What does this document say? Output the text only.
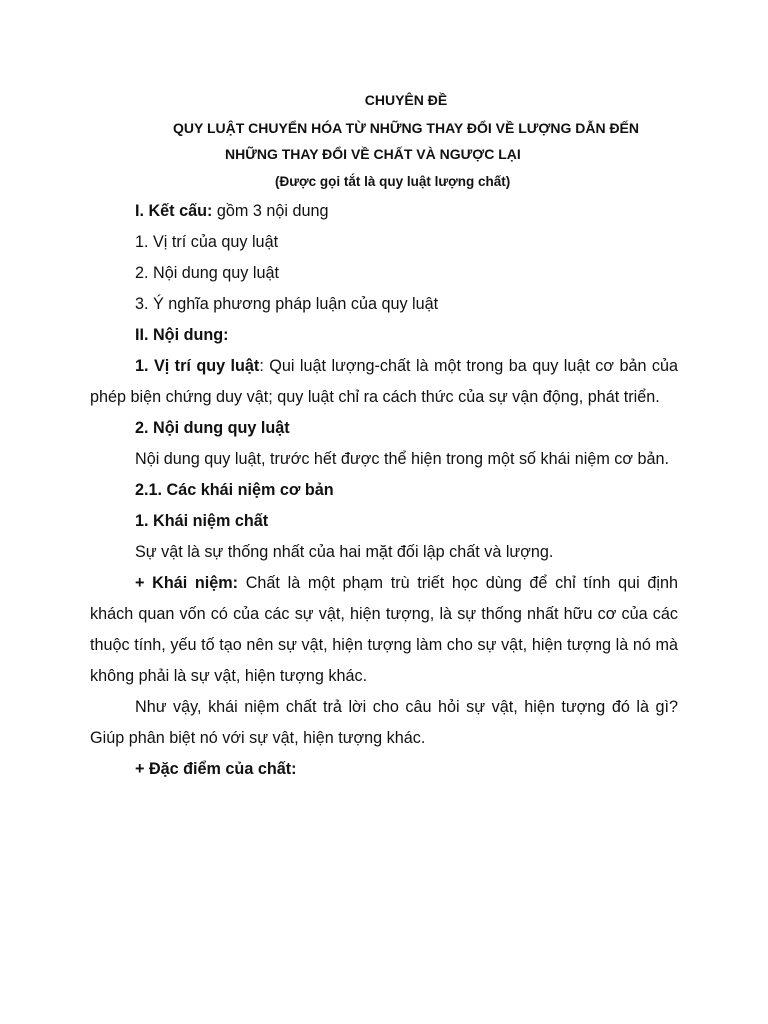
CHUYÊN ĐỀ
QUY LUẬT CHUYỂN HÓA TỪ NHỮNG THAY ĐỔI VỀ LƯỢNG DẪN ĐẾN
NHỮNG THAY ĐỔI VỀ CHẤT VÀ NGƯỢC LẠI
(Được gọi tắt là quy luật lượng chất)

I. Kết cấu: gồm 3 nội dung

1. Vị trí của quy luật

2. Nội dung quy luật

3. Ý nghĩa phương pháp luận của quy luật

II. Nội dung:

1. Vị trí quy luật: Qui luật lượng-chất là một trong ba quy luật cơ bản của phép biện chứng duy vật; quy luật chỉ ra cách thức của sự vận động, phát triển.

2. Nội dung quy luật

Nội dung quy luật, trước hết được thể hiện trong một số khái niệm cơ bản.

2.1. Các khái niệm cơ bản

1. Khái niệm chất

Sự vật là sự thống nhất của hai mặt đối lập chất và lượng.

+ Khái niệm: Chất là một phạm trù triết học dùng để chỉ tính qui định khách quan vốn có của các sự vật, hiện tượng, là sự thống nhất hữu cơ của các thuộc tính, yếu tố tạo nên sự vật, hiện tượng làm cho sự vật, hiện tượng là nó mà không phải là sự vật, hiện tượng khác.

Như vậy, khái niệm chất trả lời cho câu hỏi sự vật, hiện tượng đó là gì? Giúp phân biệt nó với sự vật, hiện tượng khác.

+ Đặc điểm của chất:
